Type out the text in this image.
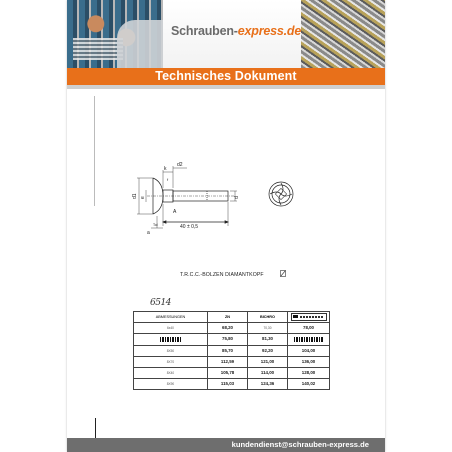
Schrauben-express.de
Technisches Dokument
kundendienst@schrauben-express.de
40 ± 0,5
d1 e
k
d2
d
Tol
A
f
a
T.R.C.C.-BOLZEN DIAMANTKOPF
6514
ABMESSUNGEN	ZN	BICHRO	
6x40	68,20	70,30	78,00
	75,80	81,30	
8X50	85,70	92,20	104,00
8X70	112,59	121,00	136,00
8X40	105,78	114,00	128,00
8X90	115,03	124,36	140,02
